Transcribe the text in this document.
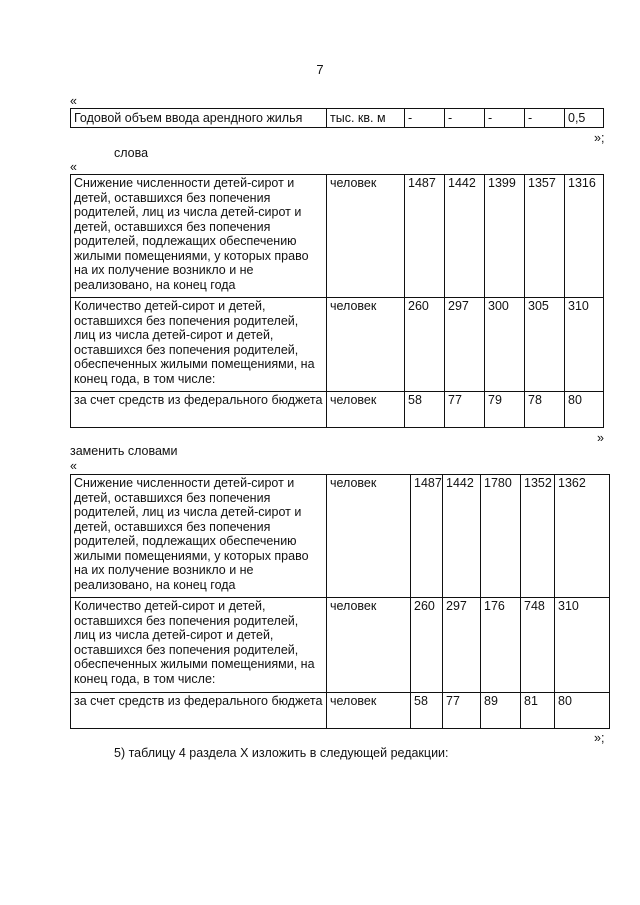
7
«
Годовой объем ввода арендного жилья	тыс. кв. м	-	-	-	-	0,5
»;
слова
«
Снижение численности детей-сирот и детей, оставшихся без попечения родителей, лиц из числа детей-сирот и детей, оставшихся без попечения родителей, подлежащих обеспечению жилыми помещениями, у которых право на их получение возникло и не реализовано, на конец года	человек	1487	1442	1399	1357	1316
Количество детей-сирот и детей, оставшихся без попечения родителей, лиц из числа детей-сирот и детей, оставшихся без попечения родителей, обеспеченных жилыми помещениями, на конец года, в том числе:	человек	260	297	300	305	310
за счет средств из федерального бюджета	человек	58	77	79	78	80
»
заменить словами
«
Снижение численности детей-сирот и детей, оставшихся без попечения родителей, лиц из числа детей-сирот и детей, оставшихся без попечения родителей, подлежащих обеспечению жилыми помещениями, у которых право на их получение возникло и не реализовано, на конец года	человек	1487	1442	1780	1352	1362
Количество детей-сирот и детей, оставшихся без попечения родителей, лиц из числа детей-сирот и детей, оставшихся без попечения родителей, обеспеченных жилыми помещениями, на конец года, в том числе:	человек	260	297	176	748	310
за счет средств из федерального бюджета	человек	58	77	89	81	80
»;
5) таблицу 4 раздела X изложить в следующей редакции:
